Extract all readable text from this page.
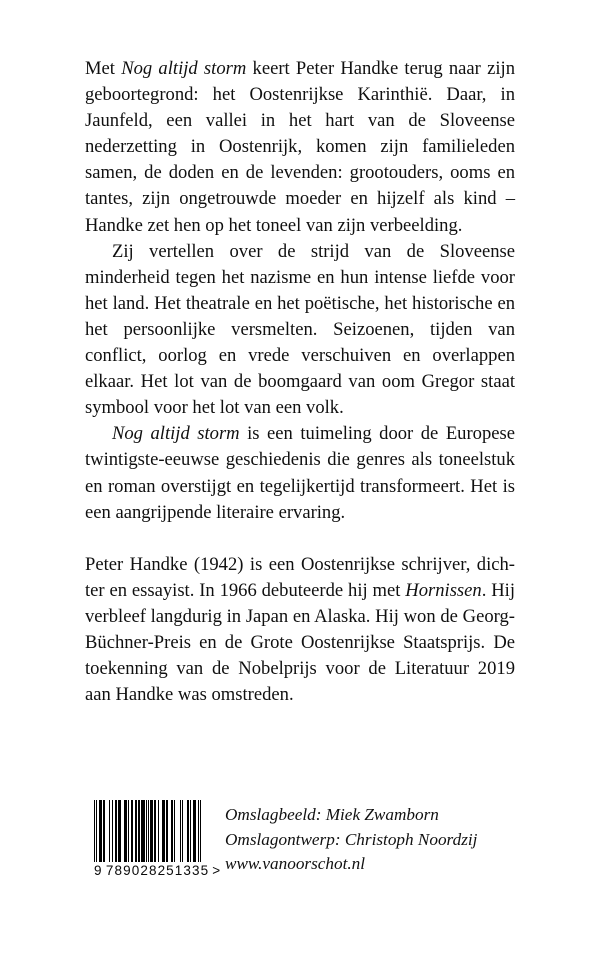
Met Nog altijd storm keert Peter Handke terug naar zijn geboortegrond: het Oostenrijkse Karinthië. Daar, in Jaunfeld, een vallei in het hart van de Sloveense nederzetting in Oostenrijk, komen zijn familieleden samen, de doden en de levenden: grootouders, ooms en tantes, zijn ongetrouwde moeder en hijzelf als kind – Handke zet hen op het toneel van zijn verbeelding.

Zij vertellen over de strijd van de Sloveense minderheid tegen het nazisme en hun intense liefde voor het land. Het theatrale en het poëtische, het historische en het persoonlijke versmelten. Seizoenen, tijden van conflict, oorlog en vrede verschuiven en overlappen elkaar. Het lot van de boomgaard van oom Gregor staat symbool voor het lot van een volk.

Nog altijd storm is een tuimeling door de Europese twintigste-eeuwse geschiedenis die genres als toneelstuk en roman overstijgt en tegelijkertijd transformeert. Het is een aangrijpende literaire ervaring.

Peter Handke (1942) is een Oostenrijkse schrijver, dichter en essayist. In 1966 debuteerde hij met Hornissen. Hij verbleef langdurig in Japan en Alaska. Hij won de Georg-Büchner-Preis en de Grote Oostenrijkse Staatsprijs. De toekenning van de Nobelprijs voor de Literatuur 2019 aan Handke was omstreden.

9 789028 251335 >

Omslagbeeld: Miek Zwamborn

Omslagontwerp: Christoph Noordzij

www.vanoorschot.nl
